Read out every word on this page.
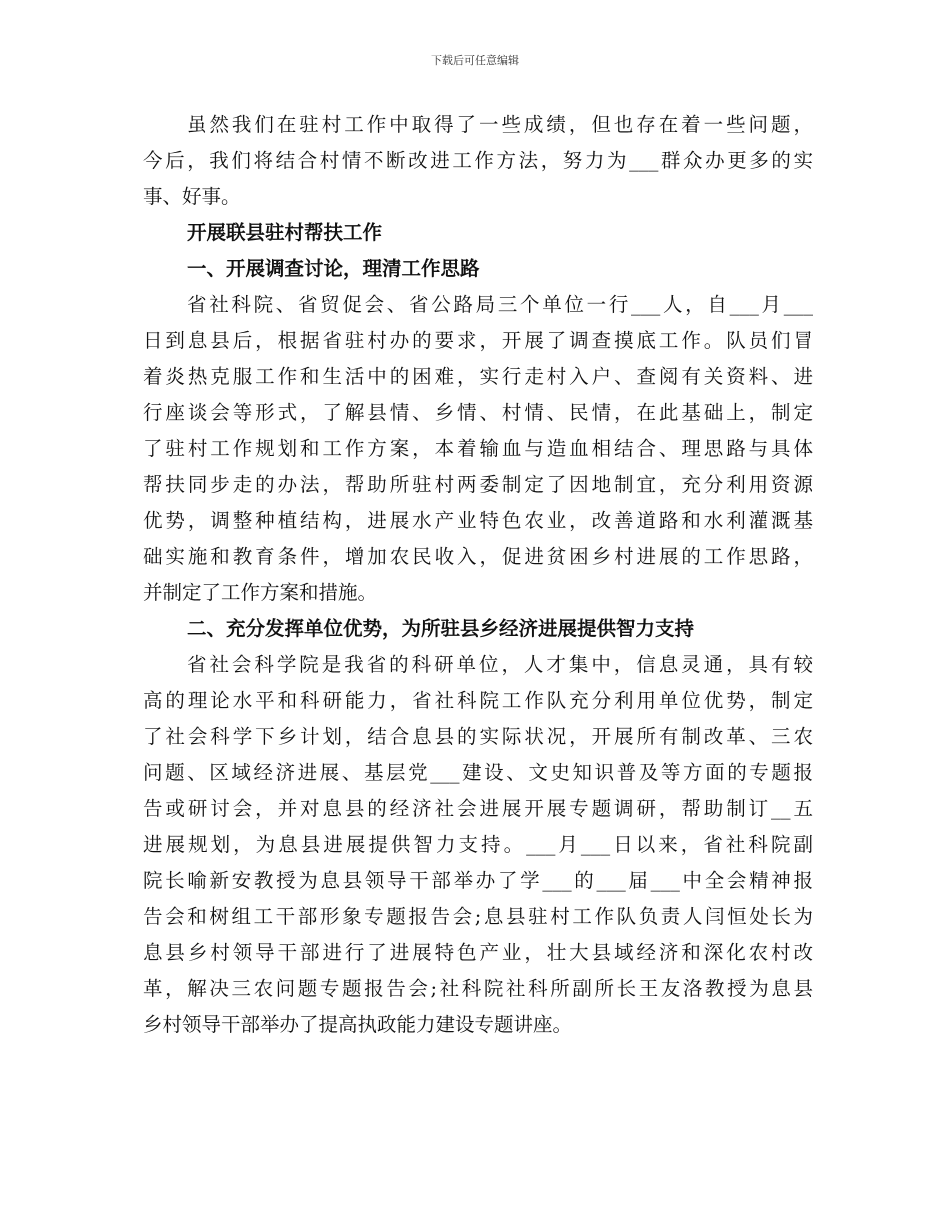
下载后可任意编辑
虽然我们在驻村工作中取得了一些成绩，但也存在着一些问题，
今后，我们将结合村情不断改进工作方法，努力为___群众办更多的实
事、好事。
开展联县驻村帮扶工作
一、开展调查讨论，理清工作思路
省社科院、省贸促会、省公路局三个单位一行___人，自___月___
日到息县后，根据省驻村办的要求，开展了调查摸底工作。队员们冒
着炎热克服工作和生活中的困难，实行走村入户、查阅有关资料、进
行座谈会等形式，了解县情、乡情、村情、民情，在此基础上，制定
了驻村工作规划和工作方案，本着输血与造血相结合、理思路与具体
帮扶同步走的办法，帮助所驻村两委制定了因地制宜，充分利用资源
优势，调整种植结构，进展水产业特色农业，改善道路和水利灌溉基
础实施和教育条件，增加农民收入，促进贫困乡村进展的工作思路，
并制定了工作方案和措施。
二、充分发挥单位优势，为所驻县乡经济进展提供智力支持
省社会科学院是我省的科研单位，人才集中，信息灵通，具有较
高的理论水平和科研能力，省社科院工作队充分利用单位优势，制定
了社会科学下乡计划，结合息县的实际状况，开展所有制改革、三农
问题、区域经济进展、基层党___建设、文史知识普及等方面的专题报
告或研讨会，并对息县的经济社会进展开展专题调研，帮助制订__五
进展规划，为息县进展提供智力支持。___月___日以来，省社科院副
院长喻新安教授为息县领导干部举办了学___的___届___中全会精神报
告会和树组工干部形象专题报告会;息县驻村工作队负责人闫恒处长为
息县乡村领导干部进行了进展特色产业，壮大县域经济和深化农村改
革，解决三农问题专题报告会;社科院社科所副所长王友洛教授为息县
乡村领导干部举办了提高执政能力建设专题讲座。
